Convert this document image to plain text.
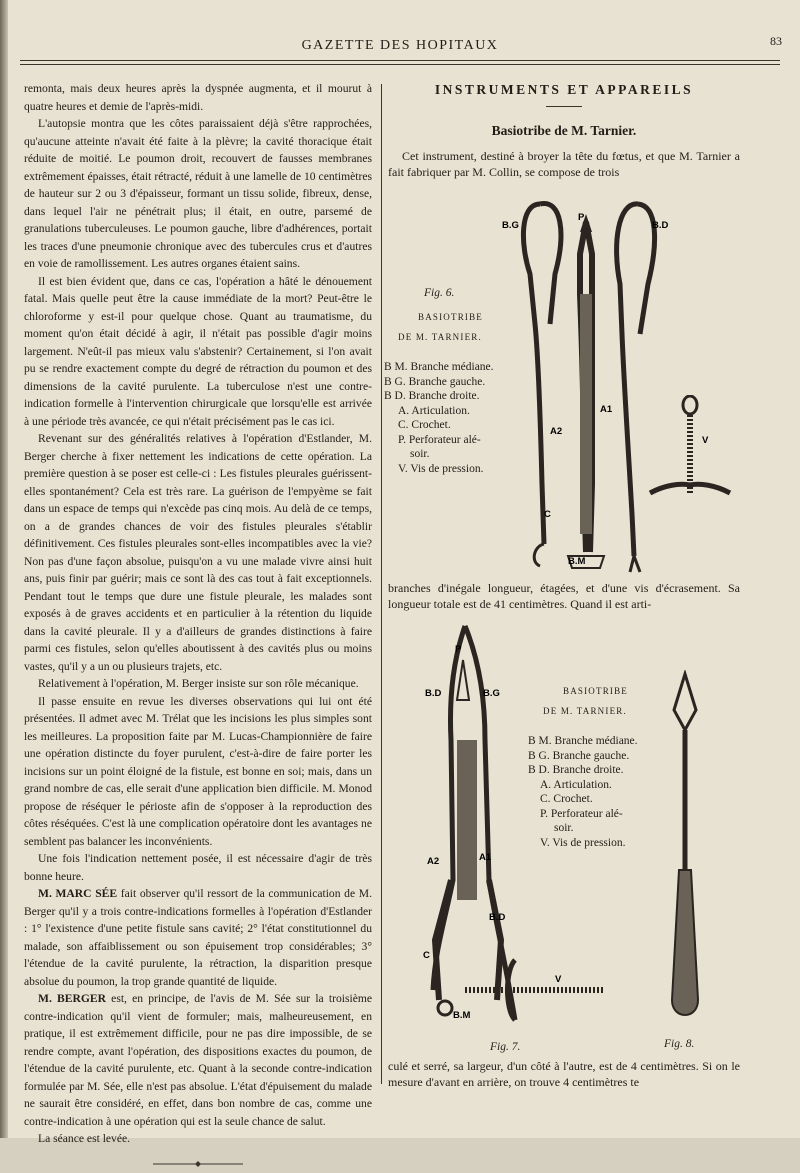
GAZETTE DES HOPITAUX	83

remonta, mais deux heures après la dyspnée augmenta, et il mourut à quatre heures et demie de l'après-midi.

L'autopsie montra que les côtes paraissaient déjà s'être rapprochées, qu'aucune atteinte n'avait été faite à la plèvre; la cavité thoracique était réduite de moitié. Le poumon droit, recouvert de fausses membranes extrêmement épaisses, était rétracté, réduit à une lamelle de 10 centimètres de hauteur sur 2 ou 3 d'épaisseur, formant un tissu solide, fibreux, dense, dans lequel l'air ne pénétrait plus; il était, en outre, parsemé de granulations tuberculeuses. Le poumon gauche, libre d'adhérences, portait les traces d'une pneumonie chronique avec des tubercules crus et d'autres en voie de ramollissement. Les autres organes étaient sains.

Il est bien évident que, dans ce cas, l'opération a hâté le dénouement fatal. Mais quelle peut être la cause immédiate de la mort? Peut-être le chloroforme y est-il pour quelque chose. Quant au traumatisme, du moment qu'on était décidé à agir, il n'était pas possible d'agir moins largement. N'eût-il pas mieux valu s'abstenir? Certainement, si l'on avait pu se rendre exactement compte du degré de rétraction du poumon et des dimensions de la cavité purulente. La tuberculose n'est une contre-indication formelle à l'intervention chirurgicale que lorsqu'elle est arrivée à une période très avancée, ce qui n'était précisément pas le cas ici.

Revenant sur des généralités relatives à l'opération d'Estlander, M. Berger cherche à fixer nettement les indications de cette opération. La première question à se poser est celle-ci : Les fistules pleurales guérissent-elles spontanément? Cela est très rare. La guérison de l'empyème se fait dans un espace de temps qui n'excède pas cinq mois. Au delà de ce temps, on a de grandes chances de voir des fistules pleurales s'établir définitivement. Ces fistules pleurales sont-elles incompatibles avec la vie? Non pas d'une façon absolue, puisqu'on a vu une malade vivre ainsi huit ans, puis finir par guérir; mais ce sont là des cas tout à fait exceptionnels. Pendant tout le temps que dure une fistule pleurale, les malades sont exposés à de graves accidents et en particulier à la rétention du liquide dans la cavité pleurale. Il y a d'ailleurs de grandes distinctions à faire parmi ces fistules, selon qu'elles aboutissent à des cavités plus ou moins vastes, qu'il y a un ou plusieurs trajets, etc.

Relativement à l'opération, M. Berger insiste sur son rôle mécanique.

Il passe ensuite en revue les diverses observations qui lui ont été présentées. Il admet avec M. Trélat que les incisions les plus simples sont les meilleures. La proposition faite par M. Lucas-Championnière de faire une opération distincte du foyer purulent, c'est-à-dire de faire porter les incisions sur un point éloigné de la fistule, est bonne en soi; mais, dans un grand nombre de cas, elle serait d'une application bien difficile. M. Monod propose de réséquer le périoste afin de s'opposer à la reproduction des côtes réséquées. C'est là une complication opératoire dont les avantages ne semblent pas balancer les inconvénients.

Une fois l'indication nettement posée, il est nécessaire d'agir de très bonne heure.

M. MARC SÉE fait observer qu'il ressort de la communication de M. Berger qu'il y a trois contre-indications formelles à l'opération d'Estlander : 1° l'existence d'une petite fistule sans cavité; 2° l'état constitutionnel du malade, son affaiblissement ou son épuisement trop considérables; 3° l'étendue de la cavité purulente, la rétraction, la disparition presque absolue du poumon, la trop grande quantité de liquide.

M. BERGER est, en principe, de l'avis de M. Sée sur la troisième contre-indication qu'il vient de formuler; mais, malheureusement, en pratique, il est extrêmement difficile, pour ne pas dire impossible, de se rendre compte, avant l'opération, des dispositions exactes du poumon, de l'étendue de la cavité purulente, etc. Quant à la seconde contre-indication formulée par M. Sée, elle n'est pas absolue. L'état d'épuisement du malade ne saurait être considéré, en effet, dans bon nombre de cas, comme une contre-indication à une opération qui est la seule chance de salut.

La séance est levée.

INSTRUMENTS ET APPAREILS
Basiotribe de M. Tarnier.
Cet instrument, destiné à broyer la tête du fœtus, et que M. Tarnier a fait fabriquer par M. Collin, se compose de trois
Fig. 6.
BASIOTRIBE
DE M. TARNIER.
B M. Branche médiane.
B G. Branche gauche.
B D. Branche droite.
A. Articulation.
C. Crochet.
P. Perforateur alé-
soir.
V. Vis de pression.
B.G
P
B.D
A1
A2
C
B.M
V
branches d'inégale longueur, étagées, et d'une vis d'écrasement. Sa longueur totale est de 41 centimètres. Quand il est arti-
B.D	B.G
P
A1
A2
B.D
C
V
B.M
Fig. 7.
BASIOTRIBE
DE M. TARNIER.
B M. Branche médiane.
B G. Branche gauche.
B D. Branche droite.
A. Articulation.
C. Crochet.
P. Perforateur alé-
soir.
V. Vis de pression.
Fig. 8.
culé et serré, sa largeur, d'un côté à l'autre, est de 4 centimètres. Si on le mesure d'avant en arrière, on trouve 4 centimètres te
